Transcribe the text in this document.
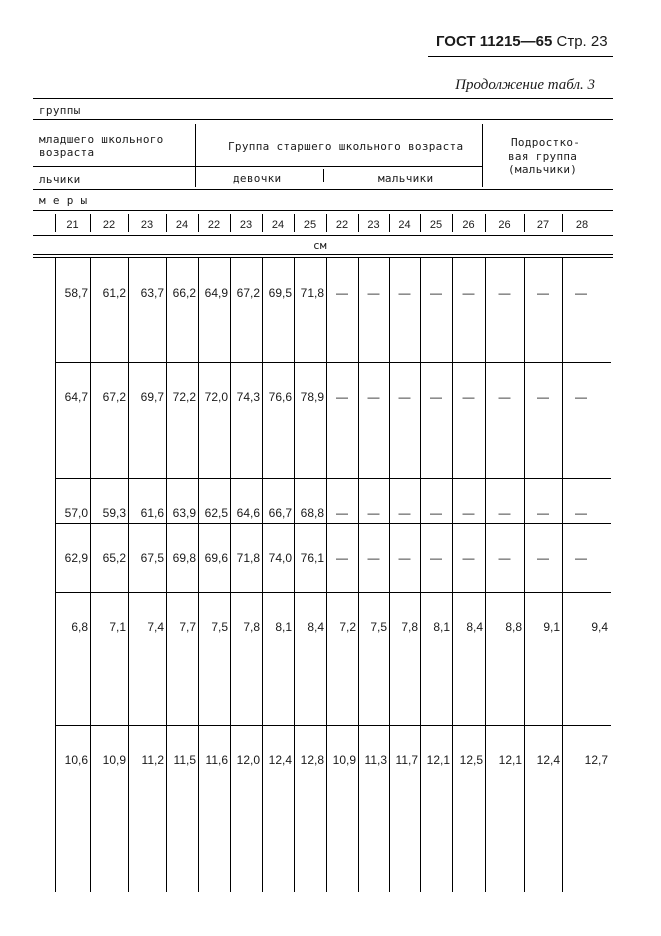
ГОСТ 11215—65 Стр. 23
Продолжение табл. 3
группы
младшего школьного
возраста	Группа старшего школьного возраста	Подростко-
вая группа
(мальчики)
льчики	девочки	мальчики
м е р ы
см
21 22 23 24 22 23 24 25 22 23 24 25 26 26 27 28
58,7	61,2	63,7 66,2 64,9 67,2 69,5 71,8	—	—	—	—	—	—	—	—
64,7	67,2	69,7 72,2 72,0 74,3 76,6 78,9	—	—	—	—	—	—	—	—
57,0	59,3	61,6 63,9 62,5 64,6 66,7 68,8	—	—	—	—	—	—	—	—
62,9	65,2	67,5 69,8 69,6 71,8 74,0 76,1	—	—	—	—	—	—	—	—
6,8	7,1	7,4	7,7	7,5	7,8	8,1	8,4	7,2	7,5	7,8	8,1	8,4	8,8	9,1	9,4
10,6	10,9	11,2 11,5 11,6 12,0 12,4 12,8 10,9 11,3 11,7 12,1 12,5	12,1	12,4	12,7
